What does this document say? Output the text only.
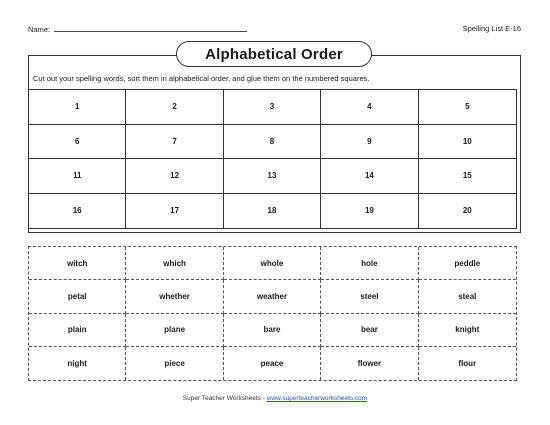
Name:	Spelling List E-16
Alphabetical Order
Cut out your spelling words, sort them in alphabetical order, and glue them on the numbered squares.
1	2	3	4	5
6	7	8	9	10
11	12	13	14	15
16	17	18	19	20
witch	which	whole	hole	peddle
petal	whether	weather	steel	steal
plain	plane	bare	bear	knight
night	piece	peace	flower	flour
Super Teacher Worksheets - www.superteacherworksheets.com
